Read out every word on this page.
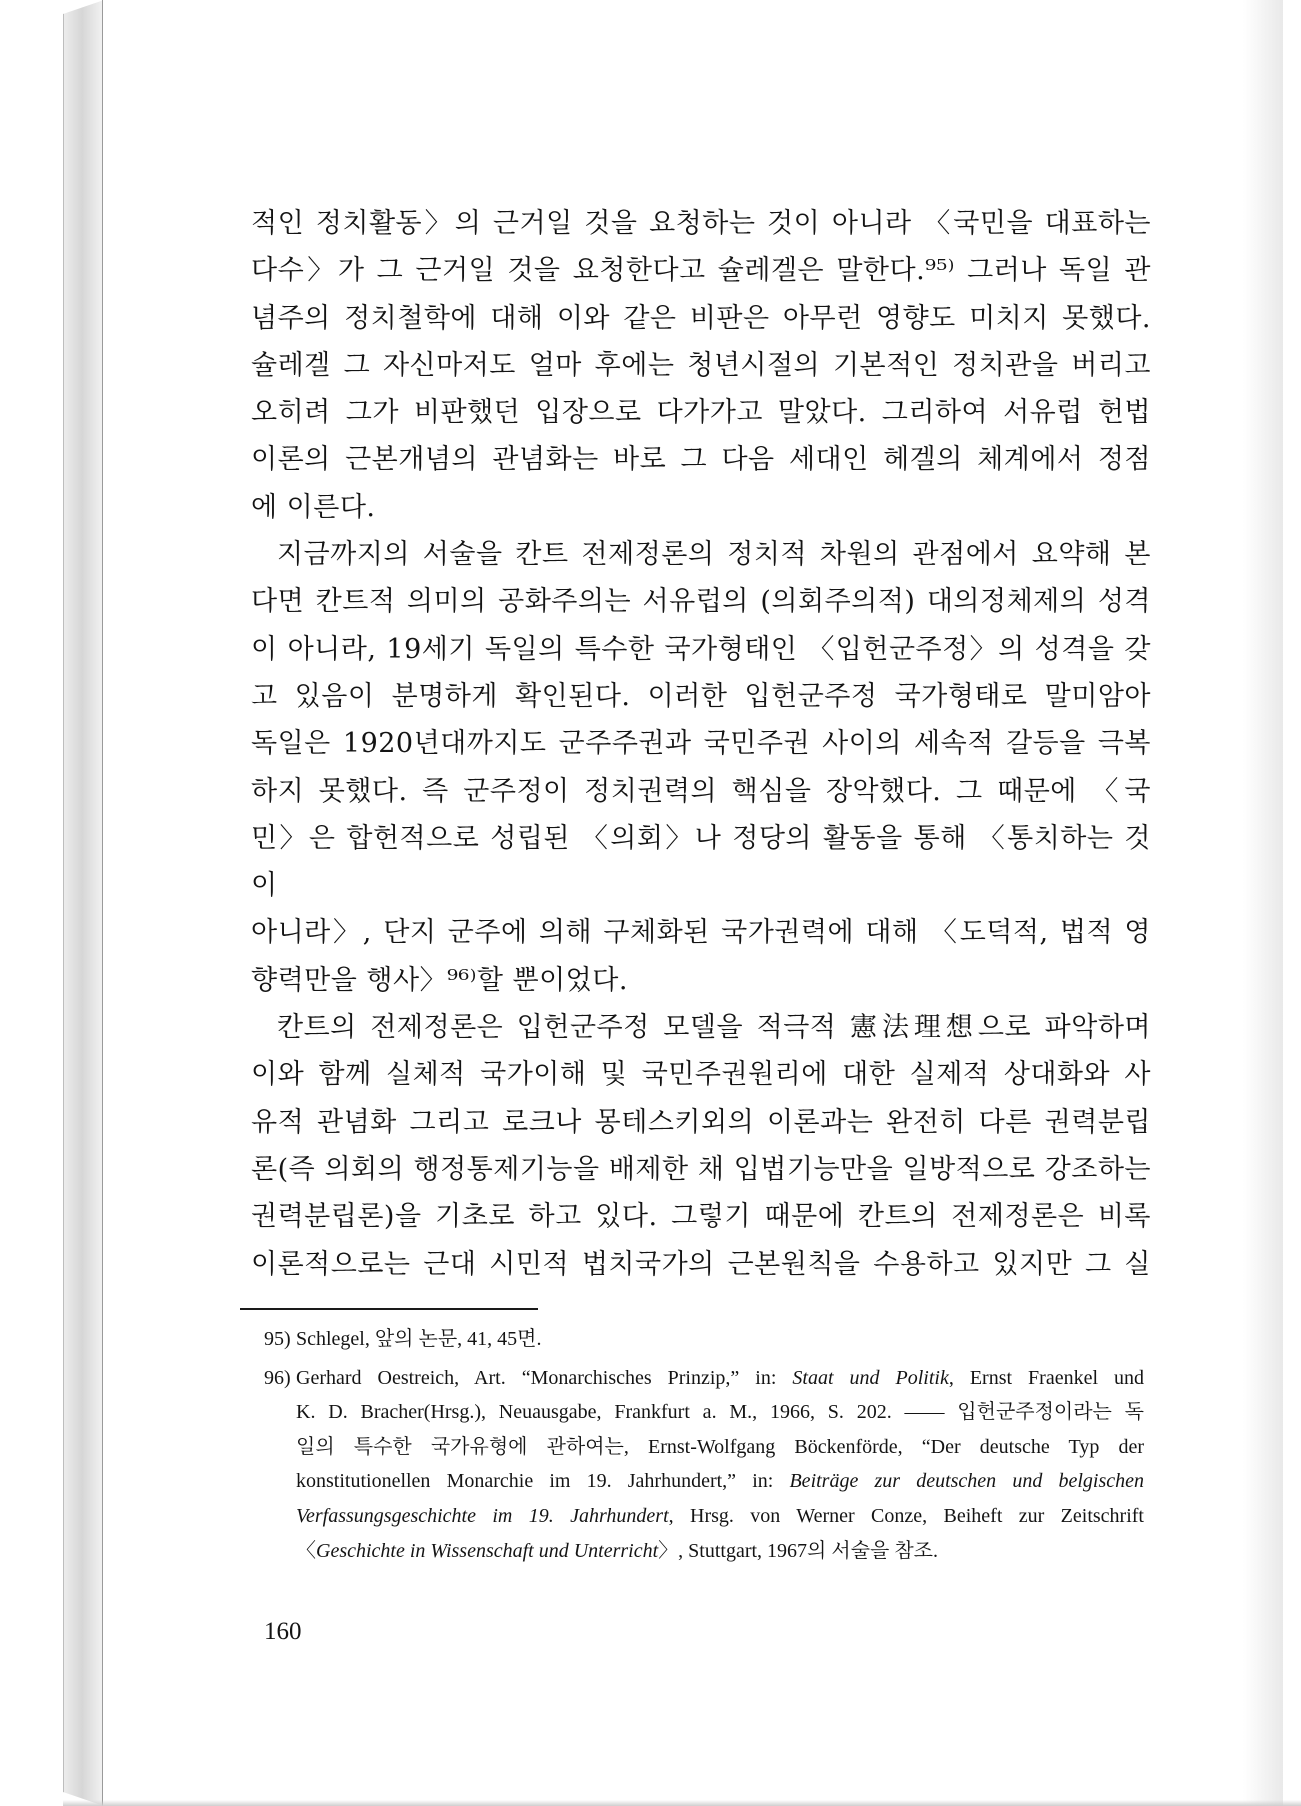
적인 정치활동〉의 근거일 것을 요청하는 것이 아니라 〈국민을 대표하는

다수〉가 그 근거일 것을 요청한다고 슐레겔은 말한다.⁹⁵⁾ 그러나 독일 관

념주의 정치철학에 대해 이와 같은 비판은 아무런 영향도 미치지 못했다.

슐레겔 그 자신마저도 얼마 후에는 청년시절의 기본적인 정치관을 버리고

오히려 그가 비판했던 입장으로 다가가고 말았다. 그리하여 서유럽 헌법

이론의 근본개념의 관념화는 바로 그 다음 세대인 헤겔의 체계에서 정점

에 이른다.

지금까지의 서술을 칸트 전제정론의 정치적 차원의 관점에서 요약해 본

다면 칸트적 의미의 공화주의는 서유럽의 (의회주의적) 대의정체제의 성격

이 아니라, 19세기 독일의 특수한 국가형태인 〈입헌군주정〉의 성격을 갖

고 있음이 분명하게 확인된다. 이러한 입헌군주정 국가형태로 말미암아

독일은 1920년대까지도 군주주권과 국민주권 사이의 세속적 갈등을 극복

하지 못했다. 즉 군주정이 정치권력의 핵심을 장악했다. 그 때문에 〈국

민〉은 합헌적으로 성립된 〈의회〉나 정당의 활동을 통해 〈통치하는 것이

아니라〉, 단지 군주에 의해 구체화된 국가권력에 대해 〈도덕적, 법적 영

향력만을 행사〉⁹⁶⁾할 뿐이었다.

칸트의 전제정론은 입헌군주정 모델을 적극적 憲法理想으로 파악하며

이와 함께 실체적 국가이해 및 국민주권원리에 대한 실제적 상대화와 사

유적 관념화 그리고 로크나 몽테스키외의 이론과는 완전히 다른 권력분립

론(즉 의회의 행정통제기능을 배제한 채 입법기능만을 일방적으로 강조하는

권력분립론)을 기초로 하고 있다. 그렇기 때문에 칸트의 전제정론은 비록

이론적으로는 근대 시민적 법치국가의 근본원칙을 수용하고 있지만 그 실

95) Schlegel, 앞의 논문, 41, 45면.
96) Gerhard Oestreich, Art. “Monarchisches Prinzip,” in: Staat und Politik, Ernst Fraenkel und
K. D. Bracher(Hrsg.), Neuausgabe, Frankfurt a. M., 1966, S. 202. —— 입헌군주정이라는 독
일의 특수한 국가유형에 관하여는, Ernst-Wolfgang Böckenförde, “Der deutsche Typ der
konstitutionellen Monarchie im 19. Jahrhundert,” in: Beiträge zur deutschen und belgischen
Verfassungsgeschichte im 19. Jahrhundert, Hrsg. von Werner Conze, Beiheft zur Zeitschrift
〈Geschichte in Wissenschaft und Unterricht〉, Stuttgart, 1967의 서술을 참조.
160
